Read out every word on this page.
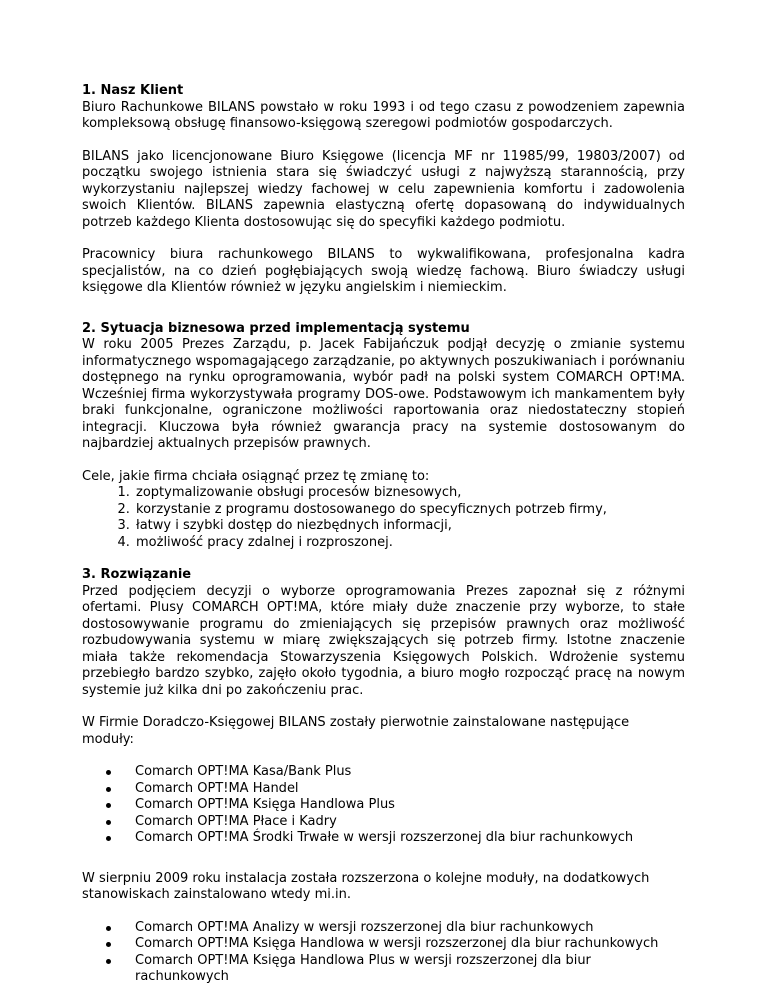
1. Nasz Klient

Biuro Rachunkowe BILANS powstało w roku 1993 i od tego czasu z powodzeniem zapewnia kompleksową obsługę finansowo-księgową szeregowi podmiotów gospodarczych.

BILANS jako licencjonowane Biuro Księgowe (licencja MF nr 11985/99, 19803/2007) od początku swojego istnienia stara się świadczyć usługi z najwyższą starannością, przy wykorzystaniu najlepszej wiedzy fachowej w celu zapewnienia komfortu i zadowolenia swoich Klientów. BILANS zapewnia elastyczną ofertę dopasowaną do indywidualnych potrzeb każdego Klienta dostosowując się do specyfiki każdego podmiotu.

Pracownicy biura rachunkowego BILANS to wykwalifikowana, profesjonalna kadra specjalistów, na co dzień pogłębiających swoją wiedzę fachową. Biuro świadczy usługi księgowe dla Klientów również w języku angielskim i niemieckim.

2. Sytuacja biznesowa przed implementacją systemu

W roku 2005 Prezes Zarządu, p. Jacek Fabijańczuk podjął decyzję o zmianie systemu informatycznego wspomagającego zarządzanie, po aktywnych poszukiwaniach i porównaniu dostępnego na rynku oprogramowania, wybór padł na polski system COMARCH OPT!MA. Wcześniej firma wykorzystywała programy DOS-owe. Podstawowym ich mankamentem były braki funkcjonalne, ograniczone możliwości raportowania oraz niedostateczny stopień integracji. Kluczowa była również gwarancja pracy na systemie dostosowanym do najbardziej aktualnych przepisów prawnych.

Cele, jakie firma chciała osiągnąć przez tę zmianę to:

1. zoptymalizowanie obsługi procesów biznesowych,
2. korzystanie z programu dostosowanego do specyficznych potrzeb firmy,
3. łatwy i szybki dostęp do niezbędnych informacji,
4. możliwość pracy zdalnej i rozproszonej.
3. Rozwiązanie

Przed podjęciem decyzji o wyborze oprogramowania Prezes zapoznał się z różnymi ofertami. Plusy COMARCH OPT!MA, które miały duże znaczenie przy wyborze, to stałe dostosowywanie programu do zmieniających się przepisów prawnych oraz możliwość rozbudowywania systemu w miarę zwiększających się potrzeb firmy. Istotne znaczenie miała także rekomendacja Stowarzyszenia Księgowych Polskich. Wdrożenie systemu przebiegło bardzo szybko, zajęło około tygodnia, a biuro mogło rozpocząć pracę na nowym systemie już kilka dni po zakończeniu prac.

W Firmie Doradczo-Księgowej BILANS zostały pierwotnie zainstalowane następujące moduły:

Comarch OPT!MA Kasa/Bank Plus
Comarch OPT!MA Handel
Comarch OPT!MA Księga Handlowa Plus
Comarch OPT!MA Płace i Kadry
Comarch OPT!MA Środki Trwałe w wersji rozszerzonej dla biur rachunkowych

W sierpniu 2009 roku instalacja została rozszerzona o kolejne moduły, na dodatkowych stanowiskach zainstalowano wtedy mi.in.

Comarch OPT!MA Analizy w wersji rozszerzonej dla biur rachunkowych
Comarch OPT!MA Księga Handlowa w wersji rozszerzonej dla biur rachunkowych
Comarch OPT!MA Księga Handlowa Plus w wersji rozszerzonej dla biur rachunkowych
